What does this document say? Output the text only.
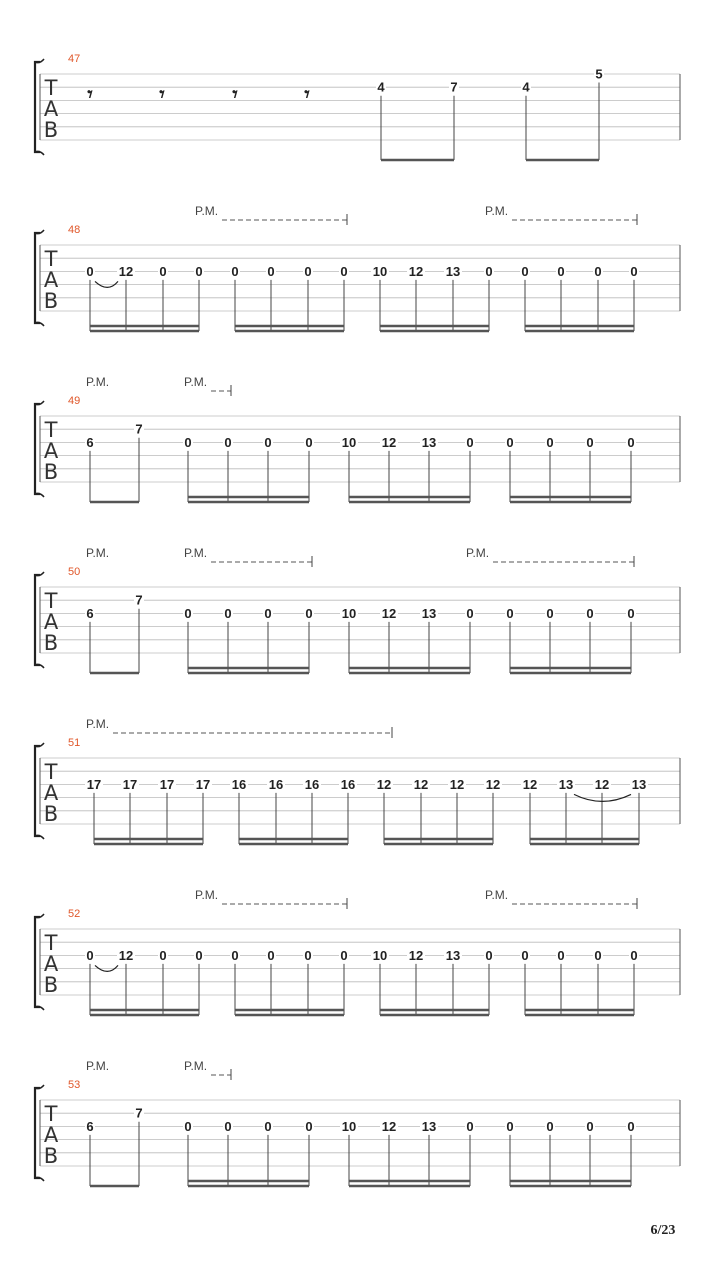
T
A
B
47
𝄾	𝄾	𝄾	𝄾	4	7	4
5
T
A
B
48
0 12 0 0 0 0 0 0 10 12 13 0 0 0 0 0
P.M.	P.M.
T
A
B
49
6
7
0	0	0	0 10 12 13 0	0	0	0	0
P.M.	P.M.
T
A
B
50
6
7
0	0	0	0 10 12 13 0	0	0	0	0
P.M.	P.M.	P.M.
T
A
B
51
17 17 17 17 16 16 16 16 12 12 12 12 12 13 12 13
P.M.
T
A
B
52
0 12 0 0 0 0 0 0 10 12 13 0 0 0 0 0
P.M.	P.M.
T
A
B
53
6
7
0	0	0	0 10 12 13 0	0	0	0	0
P.M.	P.M.
6/23
